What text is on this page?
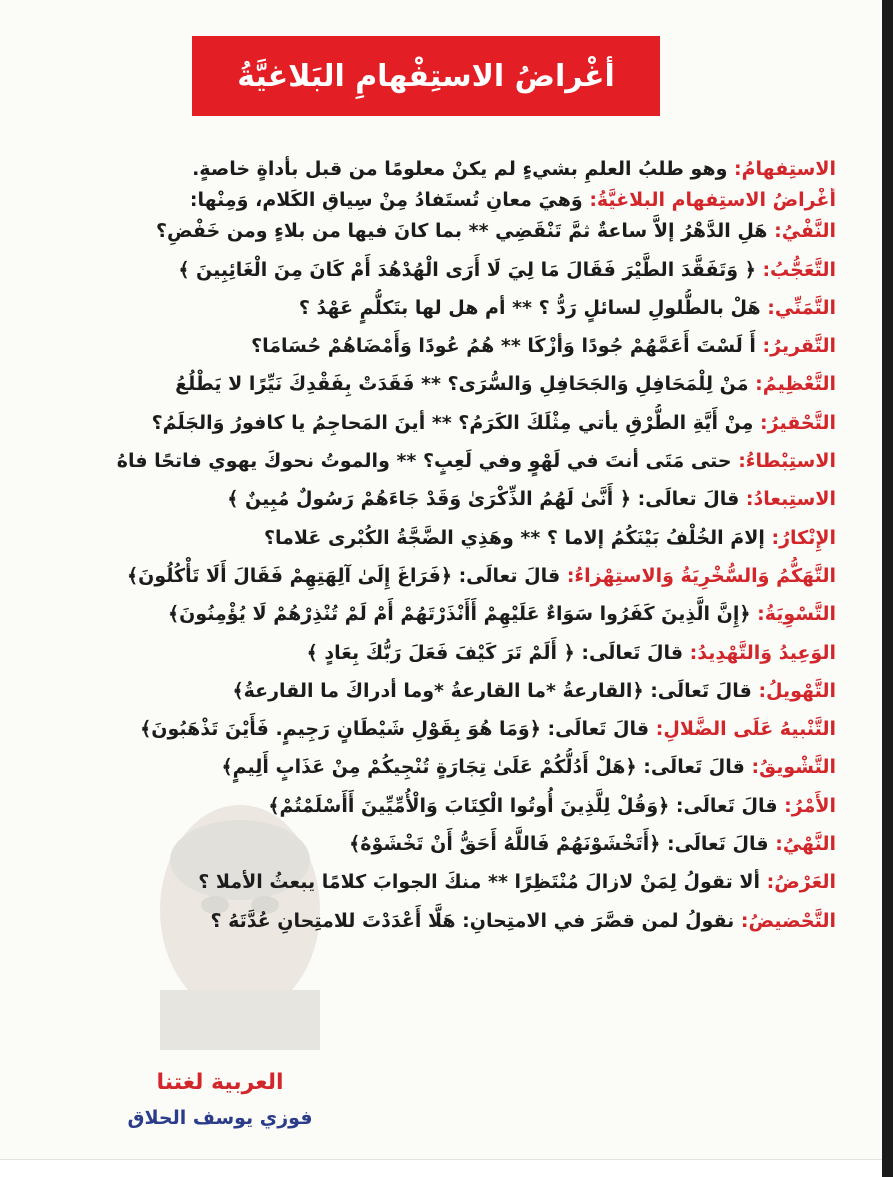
أغْراضُ الاستِفْهامِ البَلاغيَّةُ
الاستِفهامُ: وهو طلبُ العلمِ بشيءٍ لم يكنْ معلومًا من قبل بأداةٍ خاصةٍ.
أغْراضُ الاستِفهامِ البلاغيَّةُ: وَهيَ معانٍ تُستَفادُ مِنْ سِياقِ الكَلامِ، وَمِنْها:
النَّفْيُ: هَلِ الدَّهْرُ إلاَّ ساعةٌ ثمَّ تَنْقَضِي ** بما كانَ فيها من بلاءٍ ومن خَفْضِ؟
التَّعَجُّبُ: ﴿ وَتَفَقَّدَ الطَّيْرَ فَقَالَ مَا لِيَ لَا أَرَى الْهُدْهُدَ أَمْ كَانَ مِنَ الْغَائِبِينَ ﴾
التَّمَنِّي: هَلْ بالطُّلولِ لسائلٍ رَدُّ ؟ ** أم هل لها بتَكلُّمٍ عَهْدُ ؟
التَّقريرُ: أَ لَسْتَ أَعَمَّهُمْ جُودًا وَأزْكَا ** هُمُ عُودًا وَأَمْضَاهُمْ حُسَامَا؟
التَّعْظِيمُ: مَنْ لِلْمَحَافِلِ وَالجَحَافِلِ وَالسُّرَى؟ ** فَقَدَتْ بِفَقْدِكَ نَيِّرًا لا يَطْلُعُ
التَّحْقيرُ: مِنْ أَيَّةِ الطُّرْقِ يأتي مِثْلَكَ الكَرَمُ؟ ** أينَ المَحاجِمُ يا كافورُ وَالجَلَمُ؟
الاستِبْطاءُ: حتى مَتَى أنتَ في لَهْوٍ وفي لَعِبٍ؟ ** والموتُ نحوكَ يهوي فاتحًا فاهُ
الاستِبعادُ: قالَ تعالَى: ﴿ أَنَّىٰ لَهُمُ الذِّكْرَىٰ وَقَدْ جَاءَهُمْ رَسُولٌ مُبِينٌ ﴾
الإِنْكارُ: إلامَ الخُلْفُ بَيْنَكُمُ إلاما ؟ ** وهَذِي الضَّجَّةُ الكُبْرى عَلاما؟
التَّهَكُّمُ وَالسُّخْرِيَةُ وَالاستِهْزاءُ: قالَ تعالَى: ﴿فَرَاغَ إِلَىٰ آلِهَتِهِمْ فَقَالَ أَلَا تَأْكُلُونَ﴾
التَّسْوِيَةُ: ﴿إِنَّ الَّذِينَ كَفَرُوا سَوَاءٌ عَلَيْهِمْ أَأَنْذَرْتَهُمْ أَمْ لَمْ تُنْذِرْهُمْ لَا يُؤْمِنُونَ﴾
الوَعِيدُ وَالتَّهْدِيدُ: قالَ تَعالَى: ﴿ أَلَمْ تَرَ كَيْفَ فَعَلَ رَبُّكَ بِعَادٍ ﴾
التَّهْويلُ: قالَ تَعالَى: ﴿القارعةُ *ما القارعةُ *وما أدراكَ ما القارعةُ﴾
التَّنْبيهُ عَلَى الضَّلالِ: قالَ تَعالَى: ﴿وَمَا هُوَ بِقَوْلِ شَيْطَانٍ رَجِيمٍ. فَأَيْنَ تَذْهَبُونَ﴾
التَّشْويقُ: قالَ تَعالَى: ﴿هَلْ أَدُلُّكُمْ عَلَىٰ تِجَارَةٍ تُنْجِيكُمْ مِنْ عَذَابٍ أَلِيمٍ﴾
الأَمْرُ: قالَ تَعالَى: ﴿وَقُلْ لِلَّذِينَ أُوتُوا الْكِتَابَ وَالْأُمِّيِّينَ أَأَسْلَمْتُمْ﴾
النَّهْيُ: قالَ تَعالَى: ﴿أَتَخْشَوْنَهُمْ فَاللَّهُ أَحَقُّ أَنْ تَخْشَوْهُ﴾
العَرْضُ: ألا تقولُ لِمَنْ لازالَ مُنْتَظِرًا ** منكَ الجوابَ كلامًا يبعثُ الأملا ؟
التَّحْضيضُ: نقولُ لمن قصَّرَ في الامتِحانِ: هَلَّا أَعْدَدْتَ للامتِحانِ عُدَّتَهُ ؟
العربية لغتنا
فوزي يوسف الحلاق
